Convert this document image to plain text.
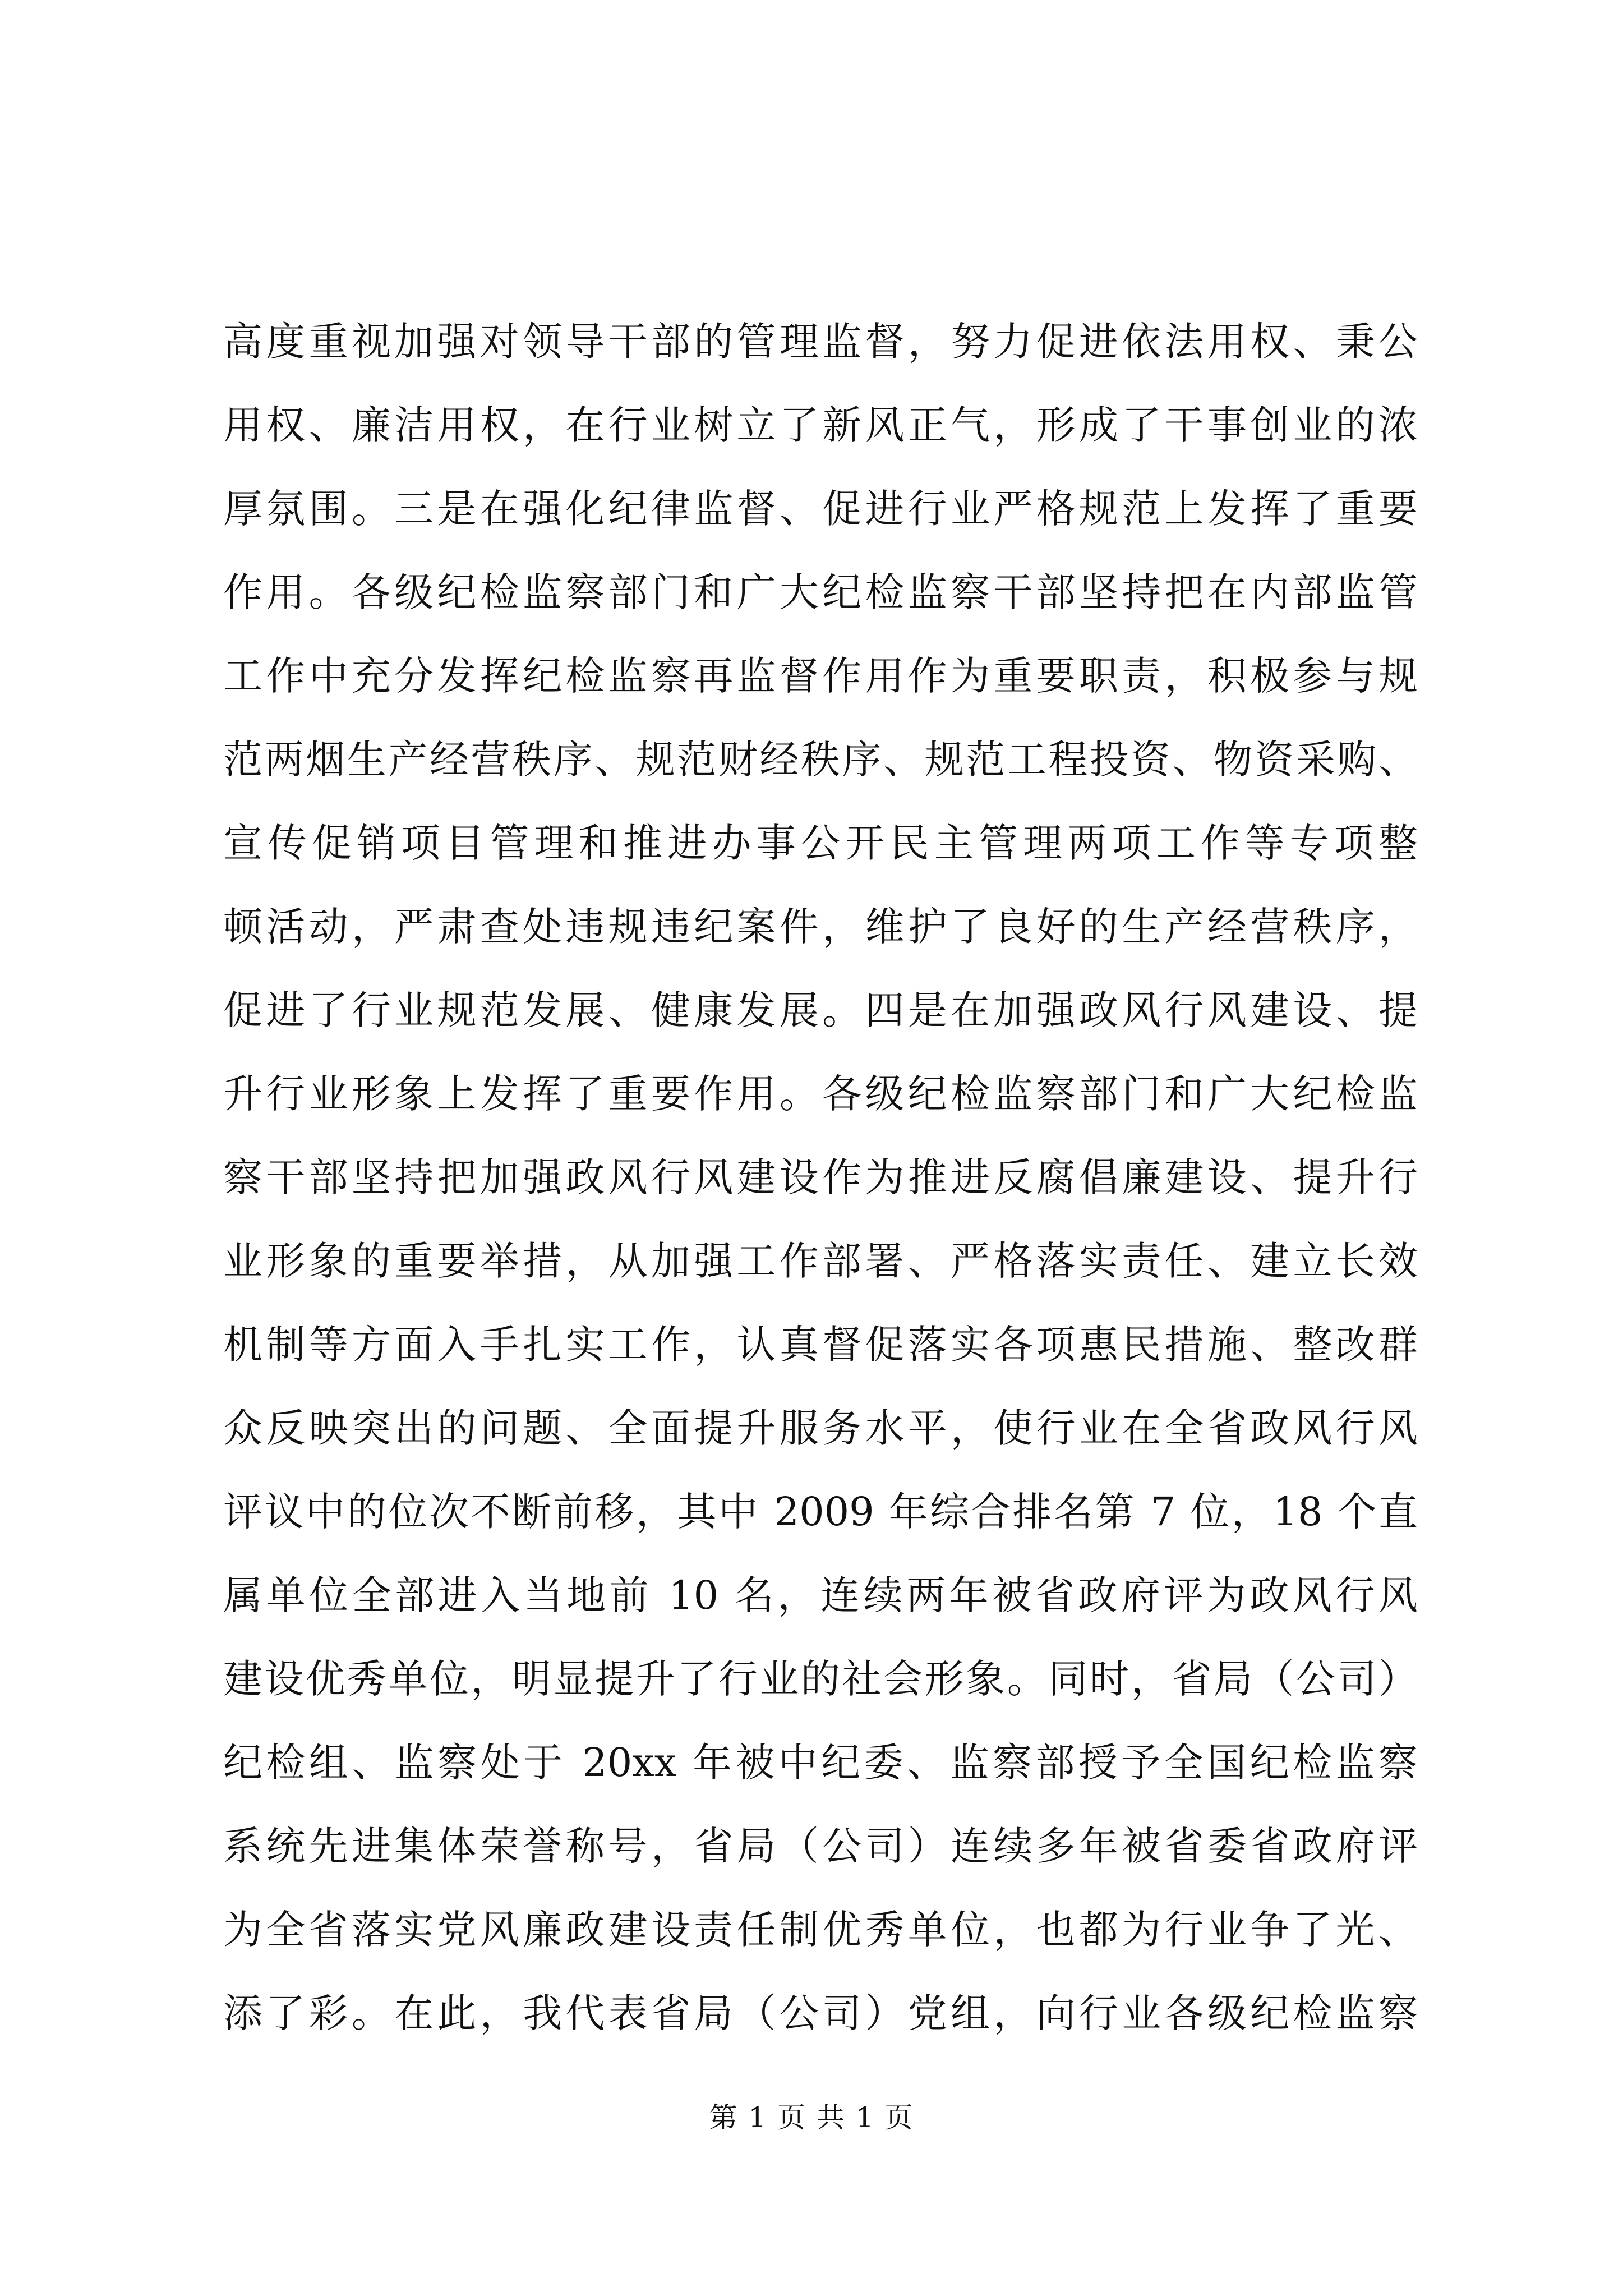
高度重视加强对领导干部的管理监督，努力促进依法用权、秉公
用权、廉洁用权，在行业树立了新风正气，形成了干事创业的浓
厚氛围。三是在强化纪律监督、促进行业严格规范上发挥了重要
作用。各级纪检监察部门和广大纪检监察干部坚持把在内部监管
工作中充分发挥纪检监察再监督作用作为重要职责，积极参与规
范两烟生产经营秩序、规范财经秩序、规范工程投资、物资采购、
宣传促销项目管理和推进办事公开民主管理两项工作等专项整
顿活动，严肃查处违规违纪案件，维护了良好的生产经营秩序，
促进了行业规范发展、健康发展。四是在加强政风行风建设、提
升行业形象上发挥了重要作用。各级纪检监察部门和广大纪检监
察干部坚持把加强政风行风建设作为推进反腐倡廉建设、提升行
业形象的重要举措，从加强工作部署、严格落实责任、建立长效
机制等方面入手扎实工作，认真督促落实各项惠民措施、整改群
众反映突出的问题、全面提升服务水平，使行业在全省政风行风
评议中的位次不断前移，其中 2009 年综合排名第 7 位，18 个直
属单位全部进入当地前 10 名，连续两年被省政府评为政风行风
建设优秀单位，明显提升了行业的社会形象。同时，省局（公司）
纪检组、监察处于 20xx 年被中纪委、监察部授予全国纪检监察
系统先进集体荣誉称号，省局（公司）连续多年被省委省政府评
为全省落实党风廉政建设责任制优秀单位，也都为行业争了光、
添了彩。在此，我代表省局（公司）党组，向行业各级纪检监察
第 1 页 共 1 页
